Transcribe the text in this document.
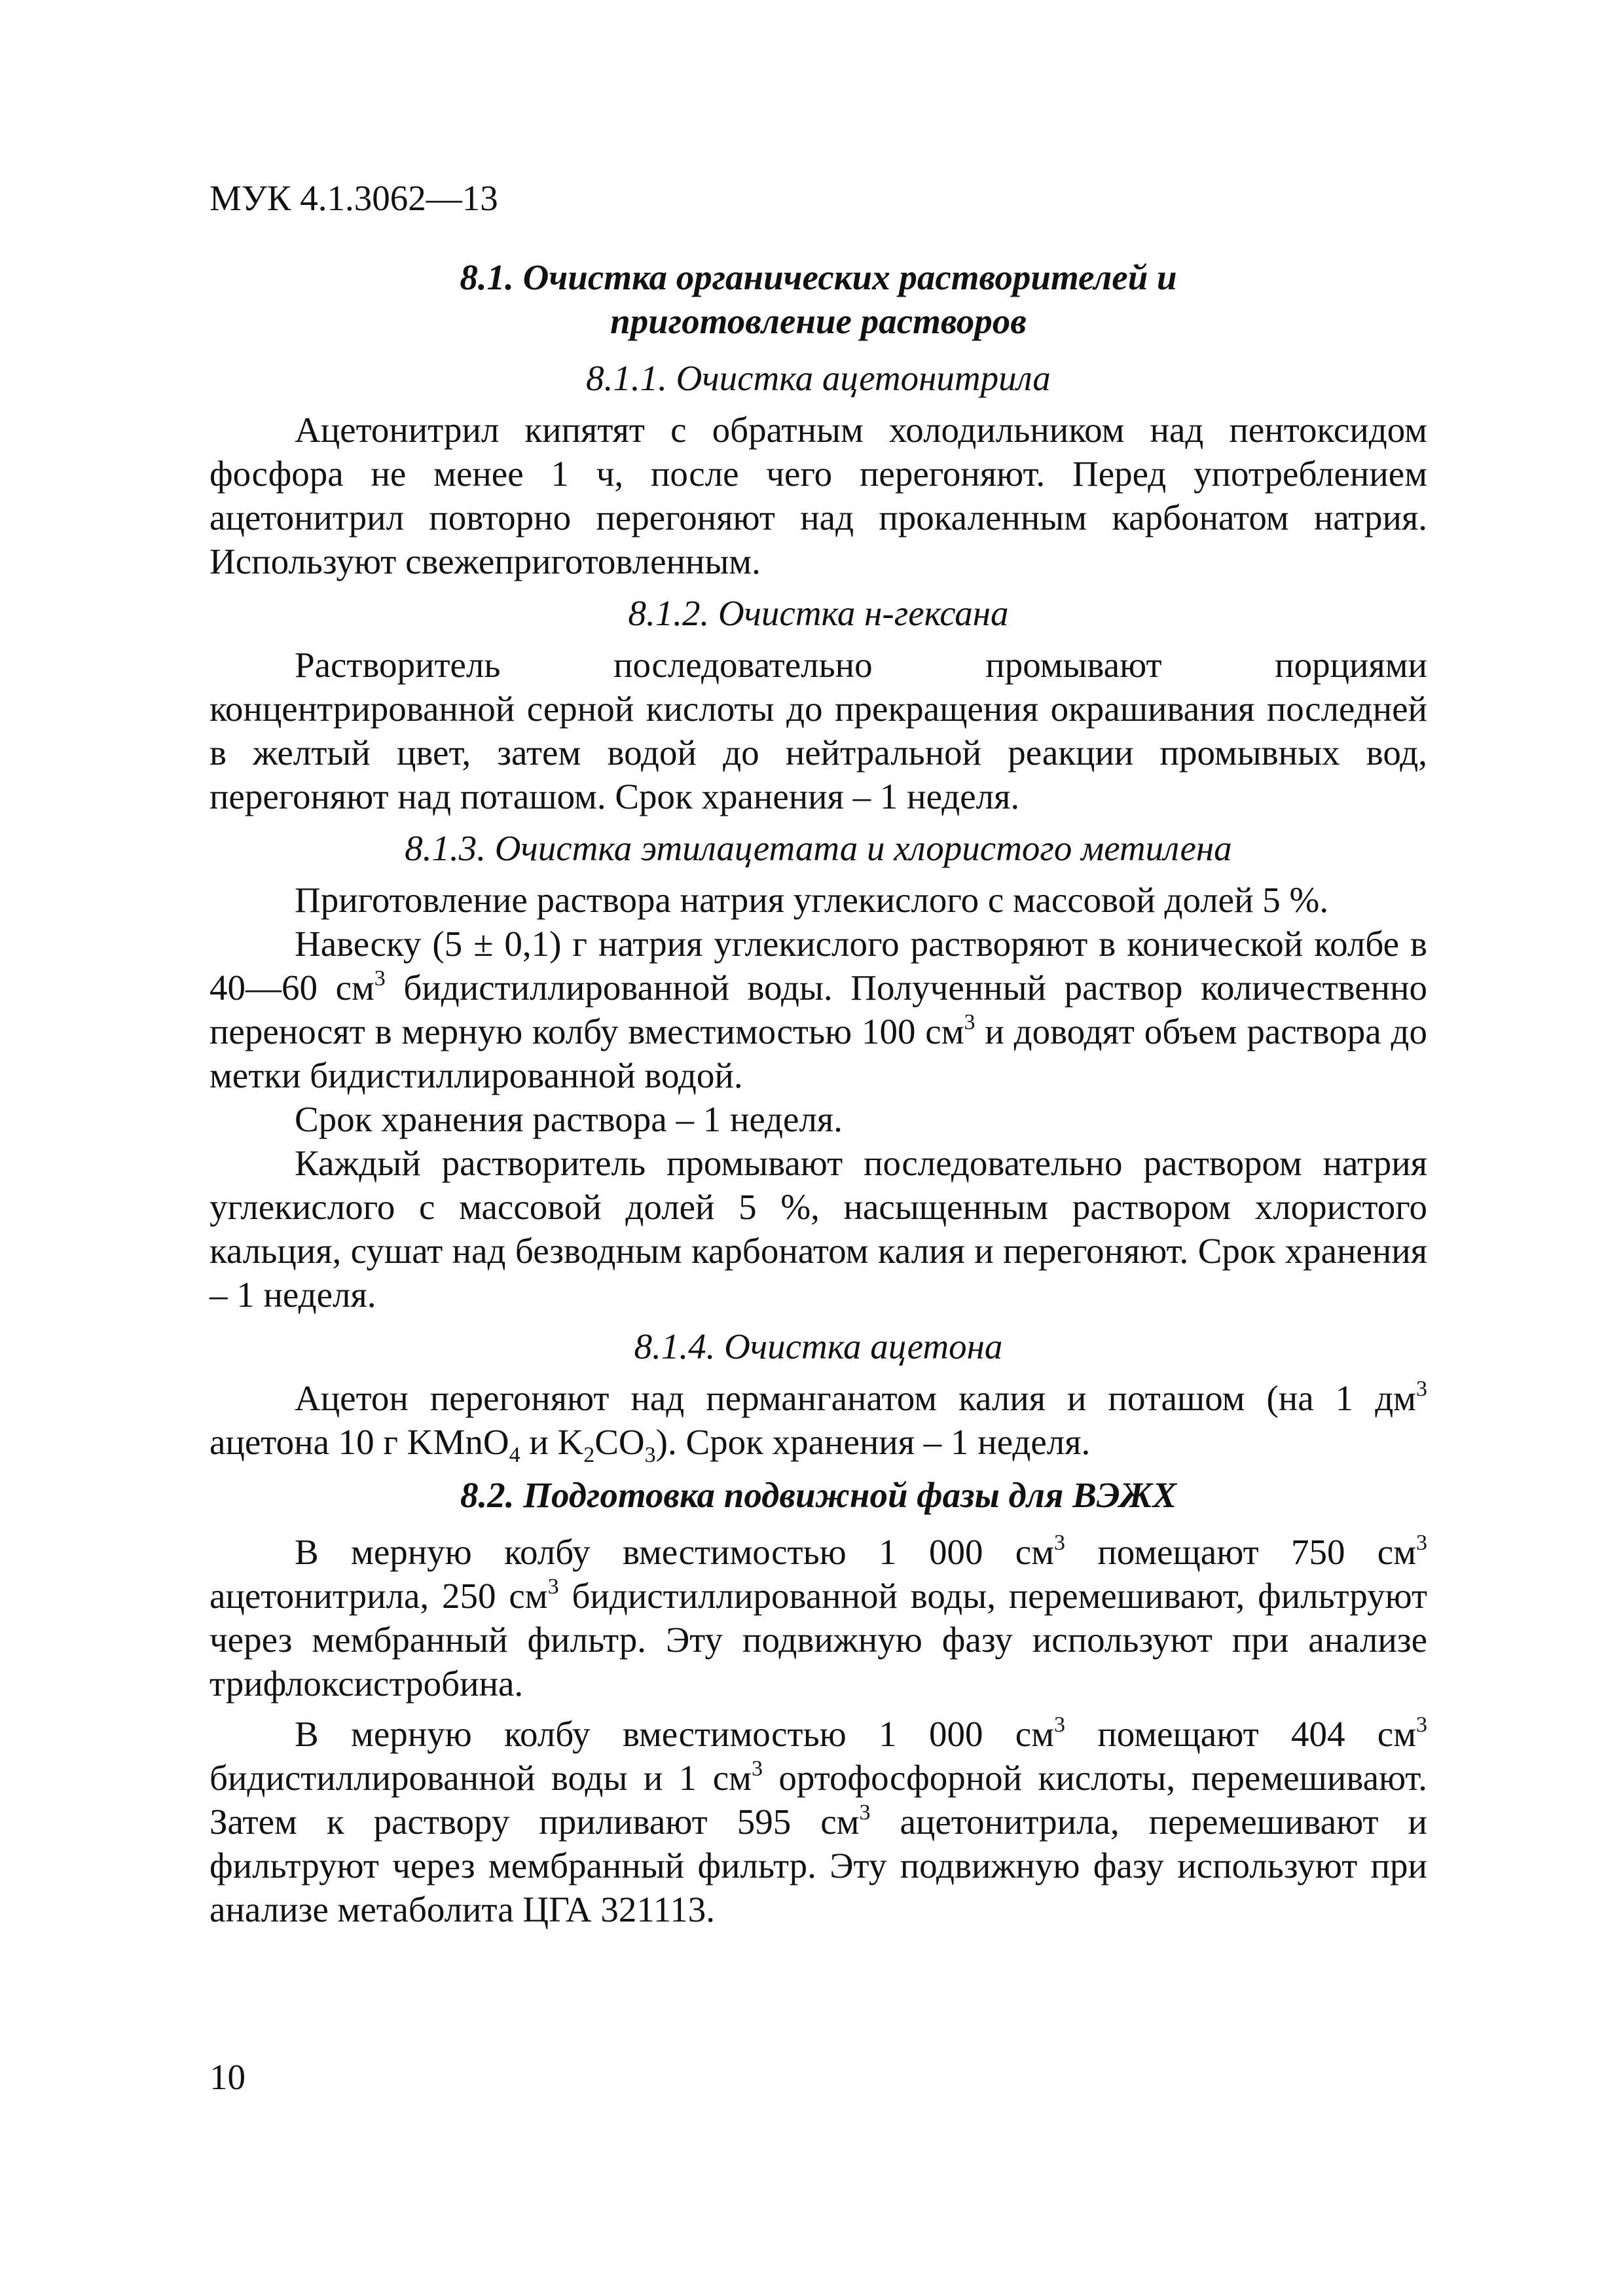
МУК 4.1.3062—13
8.1. Очистка органических растворителей и
приготовление растворов
8.1.1. Очистка ацетонитрила

Ацетонитрил кипятят с обратным холодильником над пентоксидом фосфора не менее 1 ч, после чего перегоняют. Перед употреблением ацетонитрил повторно перегоняют над прокаленным карбонатом натрия. Используют свежеприготовленным.

8.1.2. Очистка н-гексана

Растворитель последовательно промывают порциями концентрированной серной кислоты до прекращения окрашивания последней в желтый цвет, затем водой до нейтральной реакции промывных вод, перегоняют над поташом. Срок хранения – 1 неделя.

8.1.3. Очистка этилацетата и хлористого метилена

Приготовление раствора натрия углекислого с массовой долей 5 %.

Навеску (5 ± 0,1) г натрия углекислого растворяют в конической колбе в 40—60 $см^3$ бидистиллированной воды. Полученный раствор количественно переносят в мерную колбу вместимостью 100 $см^3$ и доводят объем раствора до метки бидистиллированной водой.

Срок хранения раствора – 1 неделя.

Каждый растворитель промывают последовательно раствором натрия углекислого с массовой долей 5 %, насыщенным раствором хлористого кальция, сушат над безводным карбонатом калия и перегоняют. Срок хранения – 1 неделя.

8.1.4. Очистка ацетона

Ацетон перегоняют над перманганатом калия и поташом (на 1 $дм^3$ ацетона 10 г KMnO$_4$ и $K_2CO_3$). Срок хранения – 1 неделя.

8.2. Подготовка подвижной фазы для ВЭЖХ

В мерную колбу вместимостью 1 000 $см^3$ помещают 750 $см^3$ ацетонитрила, 250 $см^3$ бидистиллированной воды, перемешивают, фильтруют через мембранный фильтр. Эту подвижную фазу используют при анализе трифлоксистробина.

В мерную колбу вместимостью 1 000 $см^3$ помещают 404 $см^3$ бидистиллированной воды и 1 $см^3$ ортофосфорной кислоты, перемешивают. Затем к раствору приливают 595 $см^3$ ацетонитрила, перемешивают и фильтруют через мембранный фильтр. Эту подвижную фазу используют при анализе метаболита ЦГА 321113.

10
